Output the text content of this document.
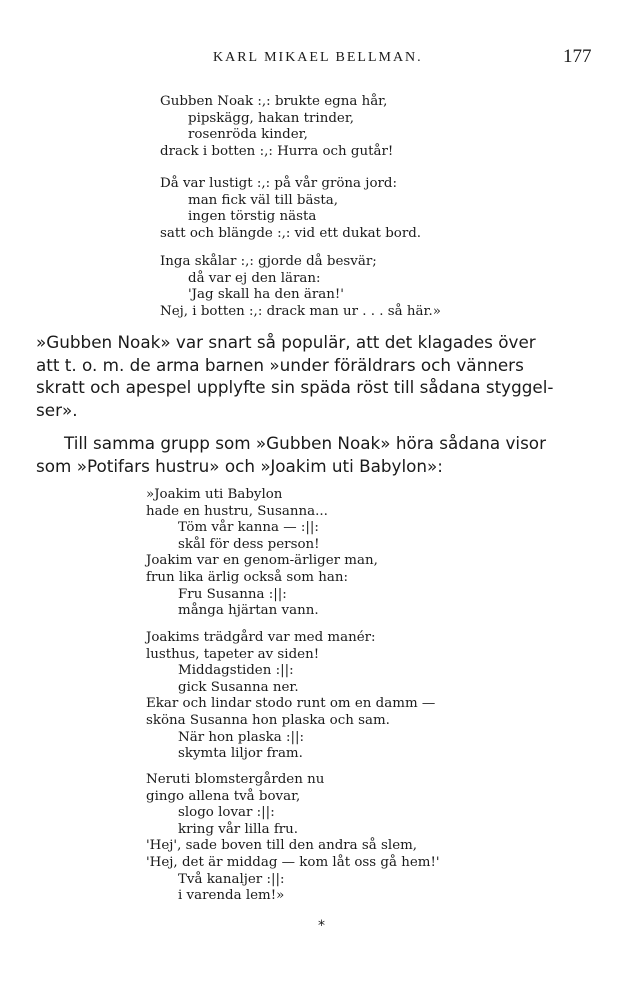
KARL MIKAEL BELLMAN.	177
Gubben Noak :,: brukte egna hår,
pipskägg, hakan trinder,
rosenröda kinder,
drack i botten :,: Hurra och gutår!
Då var lustigt :,: på vår gröna jord:
man fick väl till bästa,
ingen törstig nästa
satt och blängde :,: vid ett dukat bord.
Inga skålar :,: gjorde då besvär;
då var ej den läran:
'Jag skall ha den äran!'
Nej, i botten :,: drack man ur . . . så här.»
»Gubben Noak» var snart så populär, att det klagades över
att t. o. m. de arma barnen »under föräldrars och vänners
skratt och apespel upplyfte sin späda röst till sådana styggel-
ser».
Till samma grupp som »Gubben Noak» höra sådana visor
som »Potifars hustru» och »Joakim uti Babylon»:
»Joakim uti Babylon
hade en hustru, Susanna...
Töm vår kanna — :||:
skål för dess person!
Joakim var en genom-ärliger man,
frun lika ärlig också som han:
Fru Susanna :||:
många hjärtan vann.
Joakims trädgård var med manér:
lusthus, tapeter av siden!
Middagstiden :||:
gick Susanna ner.
Ekar och lindar stodo runt om en damm —
sköna Susanna hon plaska och sam.
När hon plaska :||:
skymta liljor fram.
Neruti blomstergården nu
gingo allena två bovar,
slogo lovar :||:
kring vår lilla fru.
'Hej', sade boven till den andra så slem,
'Hej, det är middag — kom låt oss gå hem!'
Två kanaljer :||:
i varenda lem!»
*
